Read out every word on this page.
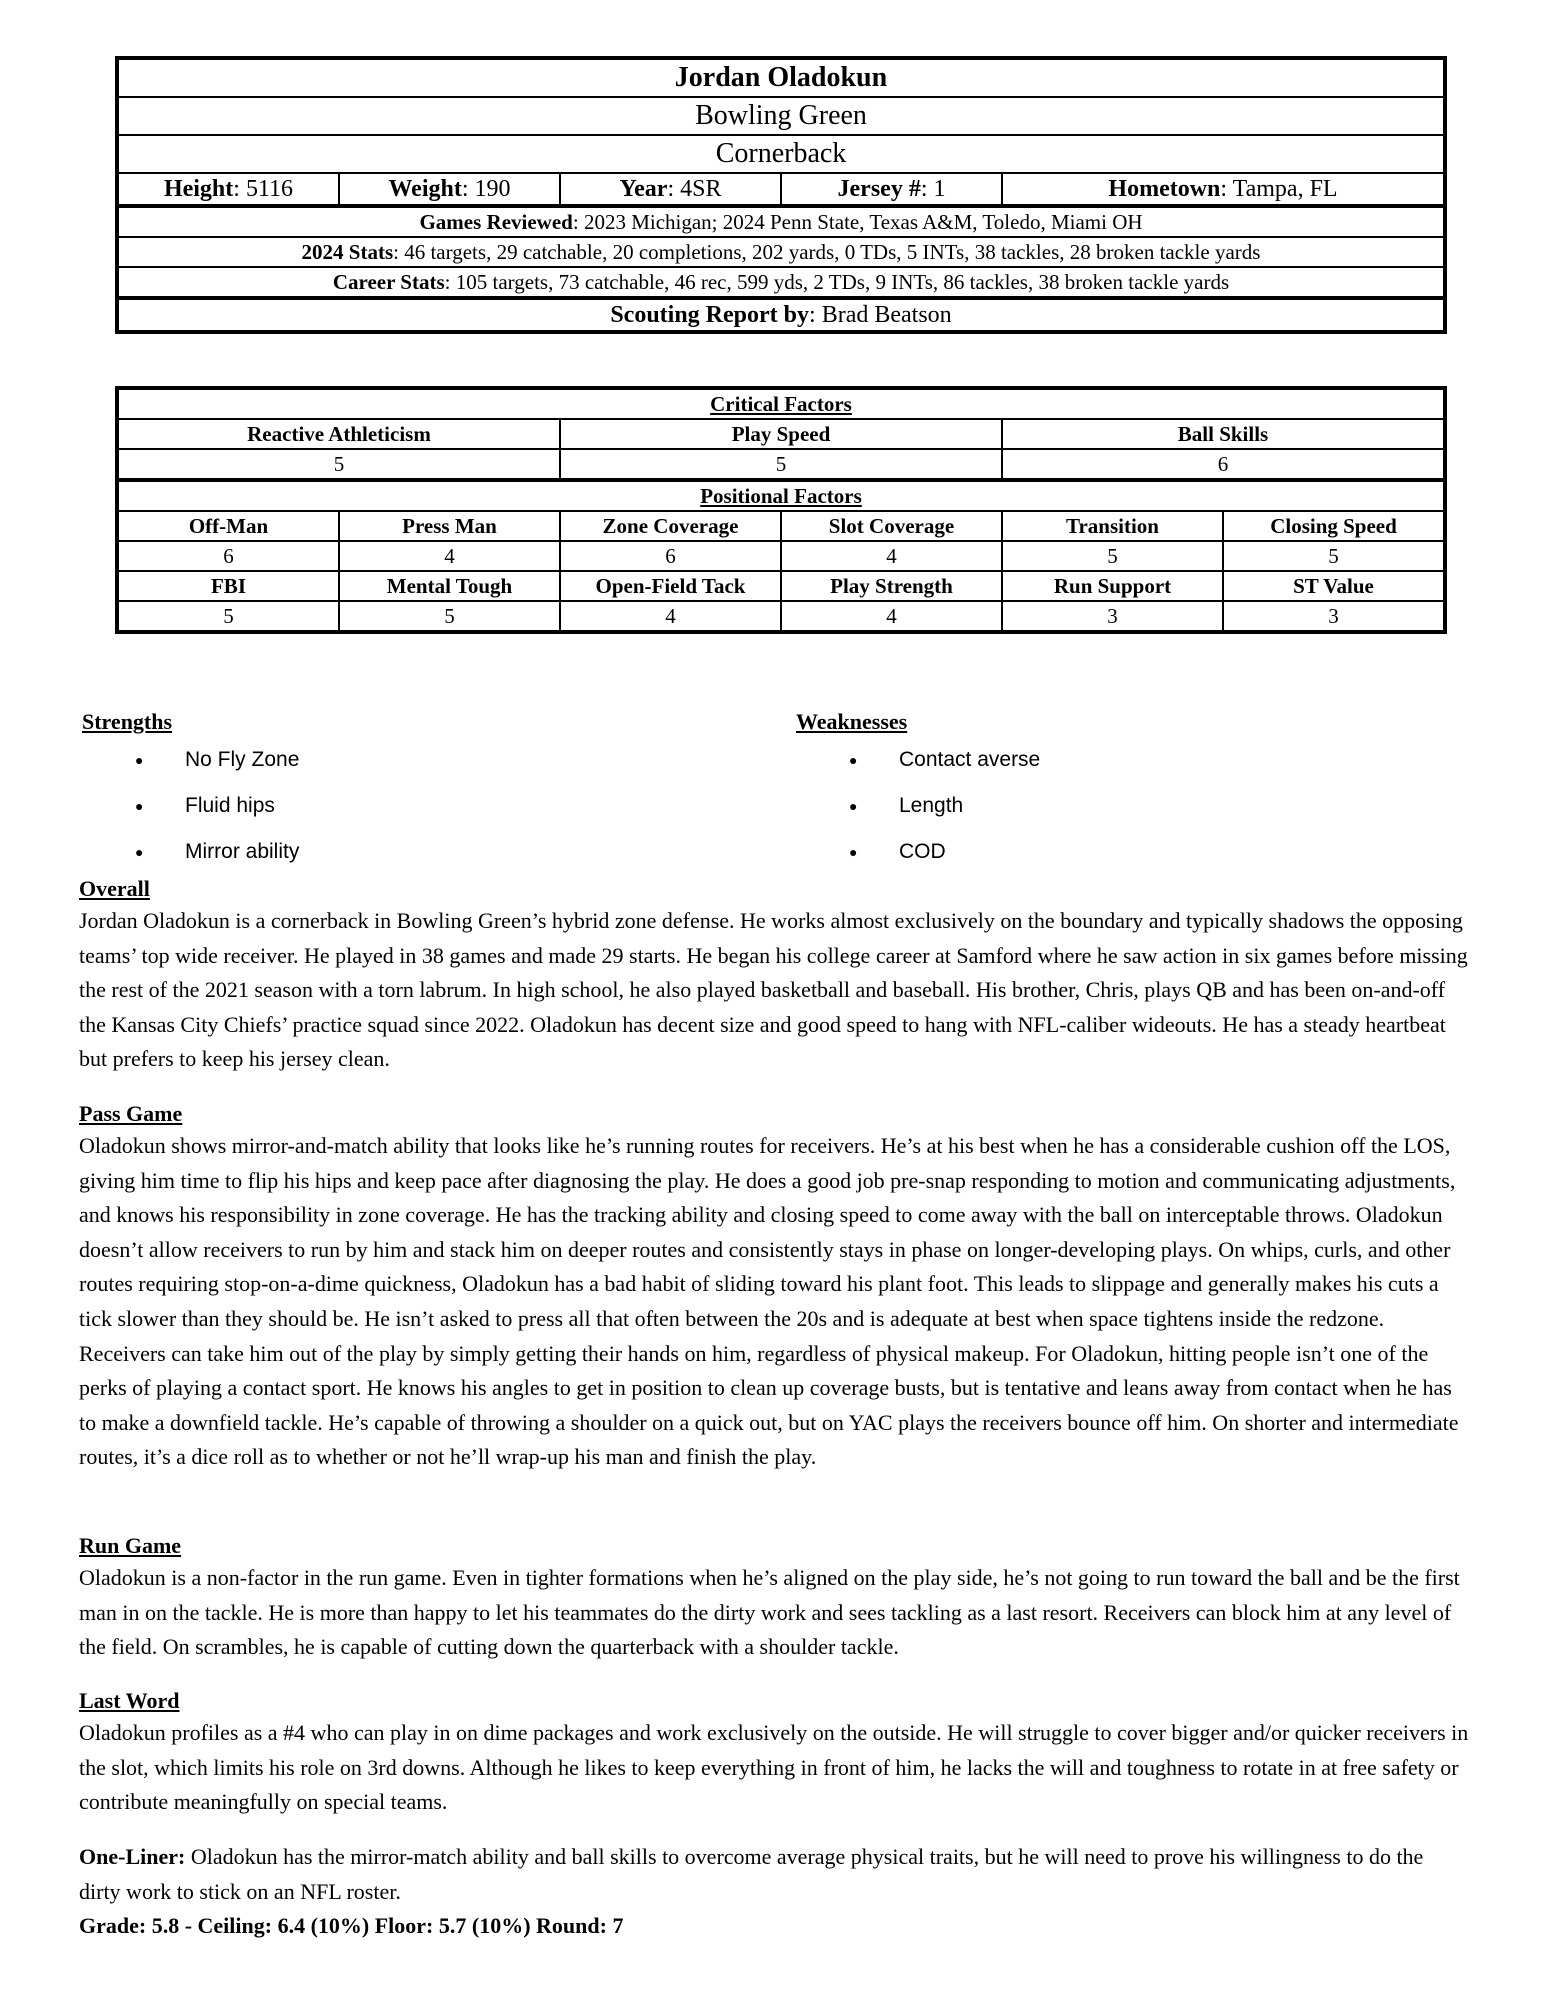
Jordan Oladokun
Bowling Green
Cornerback
Height: 5116	Weight: 190	Year: 4SR	Jersey #: 1	Hometown: Tampa, FL
Games Reviewed: 2023 Michigan; 2024 Penn State, Texas A&M, Toledo, Miami OH
2024 Stats: 46 targets, 29 catchable, 20 completions, 202 yards, 0 TDs, 5 INTs, 38 tackles, 28 broken tackle yards
Career Stats: 105 targets, 73 catchable, 46 rec, 599 yds, 2 TDs, 9 INTs, 86 tackles, 38 broken tackle yards
Scouting Report by: Brad Beatson
Critical Factors
Reactive Athleticism	Play Speed	Ball Skills
5	5	6
Positional Factors
Off-Man	Press Man	Zone Coverage	Slot Coverage	Transition	Closing Speed
6	4	6	4	5	5
FBI	Mental Tough	Open-Field Tack	Play Strength	Run Support	ST Value
5	5	4	4	3	3
Strengths
● No Fly Zone
● Fluid hips
● Mirror ability
Weaknesses
● Contact averse
● Length
● COD
Overall

Jordan Oladokun is a cornerback in Bowling Green’s hybrid zone defense. He works almost exclusively on the boundary and typically shadows the opposing teams’ top wide receiver. He played in 38 games and made 29 starts. He began his college career at Samford where he saw action in six games before missing the rest of the 2021 season with a torn labrum. In high school, he also played basketball and baseball. His brother, Chris, plays QB and has been on-and-off the Kansas City Chiefs’ practice squad since 2022. Oladokun has decent size and good speed to hang with NFL-caliber wideouts. He has a steady heartbeat but prefers to keep his jersey clean.

Pass Game

Oladokun shows mirror-and-match ability that looks like he’s running routes for receivers. He’s at his best when he has a considerable cushion off the LOS, giving him time to flip his hips and keep pace after diagnosing the play. He does a good job pre-snap responding to motion and communicating adjustments, and knows his responsibility in zone coverage. He has the tracking ability and closing speed to come away with the ball on interceptable throws. Oladokun doesn’t allow receivers to run by him and stack him on deeper routes and consistently stays in phase on longer-developing plays. On whips, curls, and other routes requiring stop-on-a-dime quickness, Oladokun has a bad habit of sliding toward his plant foot. This leads to slippage and generally makes his cuts a tick slower than they should be. He isn’t asked to press all that often between the 20s and is adequate at best when space tightens inside the redzone. Receivers can take him out of the play by simply getting their hands on him, regardless of physical makeup. For Oladokun, hitting people isn’t one of the perks of playing a contact sport. He knows his angles to get in position to clean up coverage busts, but is tentative and leans away from contact when he has to make a downfield tackle. He’s capable of throwing a shoulder on a quick out, but on YAC plays the receivers bounce off him. On shorter and intermediate routes, it’s a dice roll as to whether or not he’ll wrap-up his man and finish the play.

Run Game

Oladokun is a non-factor in the run game. Even in tighter formations when he’s aligned on the play side, he’s not going to run toward the ball and be the first man in on the tackle. He is more than happy to let his teammates do the dirty work and sees tackling as a last resort. Receivers can block him at any level of the field. On scrambles, he is capable of cutting down the quarterback with a shoulder tackle.

Last Word

Oladokun profiles as a #4 who can play in on dime packages and work exclusively on the outside. He will struggle to cover bigger and/or quicker receivers in the slot, which limits his role on 3rd downs. Although he likes to keep everything in front of him, he lacks the will and toughness to rotate in at free safety or contribute meaningfully on special teams.

One-Liner: Oladokun has the mirror-match ability and ball skills to overcome average physical traits, but he will need to prove his willingness to do the dirty work to stick on an NFL roster.

Grade: 5.8 - Ceiling: 6.4 (10%) Floor: 5.7 (10%) Round: 7
